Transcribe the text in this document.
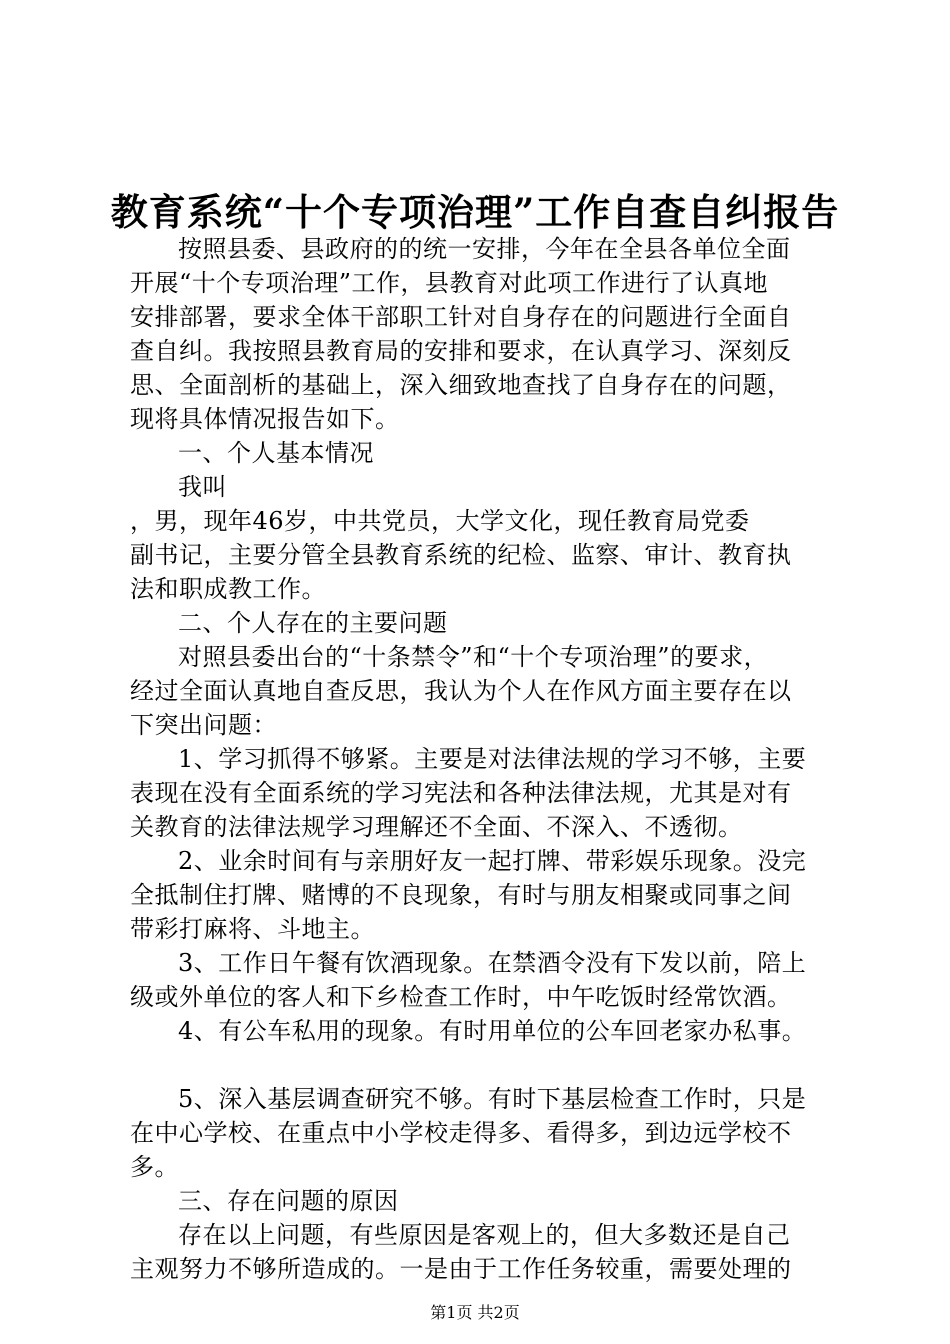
教育系统“十个专项治理”工作自查自纠报告
按照县委、县政府的的统一安排，今年在全县各单位全面
开展“十个专项治理”工作，县教育对此项工作进行了认真地
安排部署，要求全体干部职工针对自身存在的问题进行全面自
查自纠。我按照县教育局的安排和要求，在认真学习、深刻反
思、全面剖析的基础上，深入细致地查找了自身存在的问题，
现将具体情况报告如下。
一、个人基本情况
我叫
，男，现年46岁，中共党员，大学文化，现任教育局党委
副书记，主要分管全县教育系统的纪检、监察、审计、教育执
法和职成教工作。
二、个人存在的主要问题
对照县委出台的“十条禁令”和“十个专项治理”的要求，
经过全面认真地自查反思，我认为个人在作风方面主要存在以
下突出问题：
1、学习抓得不够紧。主要是对法律法规的学习不够，主要
表现在没有全面系统的学习宪法和各种法律法规，尤其是对有
关教育的法律法规学习理解还不全面、不深入、不透彻。
2、业余时间有与亲朋好友一起打牌、带彩娱乐现象。没完
全抵制住打牌、赌博的不良现象，有时与朋友相聚或同事之间
带彩打麻将、斗地主。
3、工作日午餐有饮酒现象。在禁酒令没有下发以前，陪上
级或外单位的客人和下乡检查工作时，中午吃饭时经常饮酒。
4、有公车私用的现象。有时用单位的公车回老家办私事。
5、深入基层调查研究不够。有时下基层检查工作时，只是
在中心学校、在重点中小学校走得多、看得多，到边远学校不
多。
三、存在问题的原因
存在以上问题，有些原因是客观上的，但大多数还是自己
主观努力不够所造成的。一是由于工作任务较重，需要处理的
第1页 共2页
